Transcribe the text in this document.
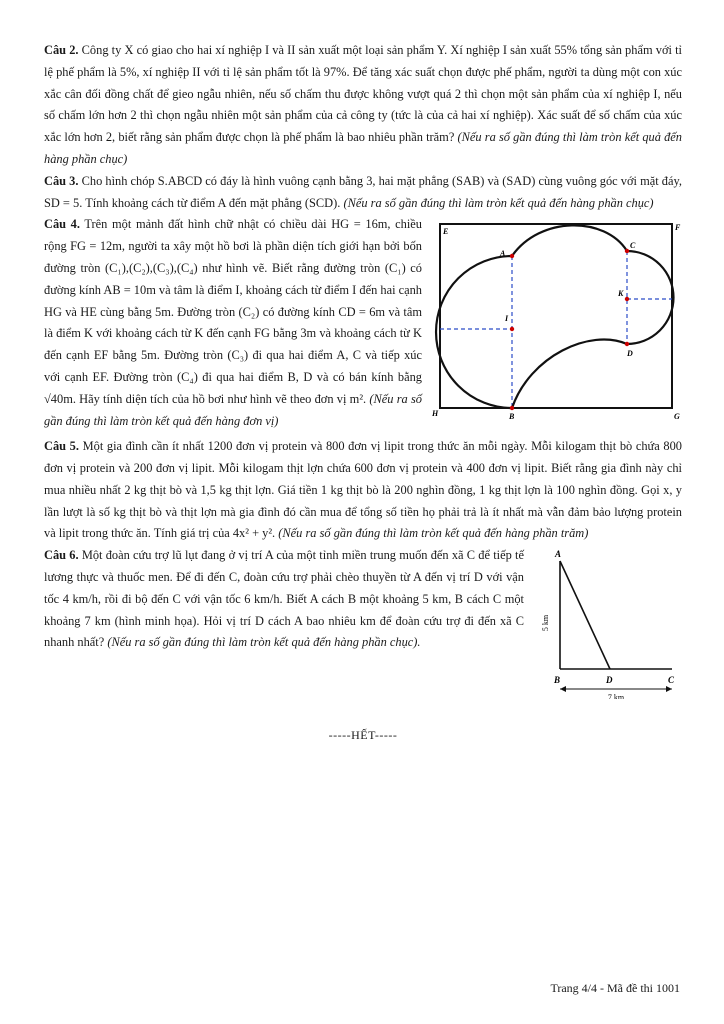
Câu 2. Công ty X có giao cho hai xí nghiệp I và II sản xuất một loại sản phẩm Y. Xí nghiệp I sản xuất 55% tổng sản phẩm với tỉ lệ phế phẩm là 5%, xí nghiệp II với tỉ lệ sản phẩm tốt là 97%. Để tăng xác suất chọn được phế phẩm, người ta dùng một con xúc xắc cân đối đồng chất để gieo ngẫu nhiên, nếu số chấm thu được không vượt quá 2 thì chọn một sản phẩm của xí nghiệp I, nếu số chấm lớn hơn 2 thì chọn ngẫu nhiên một sản phẩm của cả công ty (tức là của cả hai xí nghiệp). Xác suất để số chấm của xúc xắc lớn hơn 2, biết rằng sản phẩm được chọn là phế phẩm là bao nhiêu phần trăm? (Nếu ra số gần đúng thì làm tròn kết quả đến hàng phần chục)

Câu 3. Cho hình chóp S.ABCD có đáy là hình vuông cạnh bằng 3, hai mặt phẳng (SAB) và (SAD) cùng vuông góc với mặt đáy, SD = 5. Tính khoảng cách từ điểm A đến mặt phẳng (SCD). (Nếu ra số gần đúng thì làm tròn kết quả đến hàng phần chục)

E	F
A
C
K
I
D
H	B	G

Câu 4. Trên một mảnh đất hình chữ nhật có chiều dài HG = 16m, chiều rộng FG = 12m, người ta xây một hồ bơi là phần diện tích giới hạn bởi bốn đường tròn (C₁),(C₂),(C₃),(C₄) như hình vẽ. Biết rằng đường tròn (C₁) có đường kính AB = 10m và tâm là điểm I, khoảng cách từ điểm I đến hai cạnh HG và HE cùng bằng 5m. Đường tròn (C₂) có đường kính CD = 6m và tâm là điểm K với khoảng cách từ K đến cạnh FG bằng 3m và khoảng cách từ K đến cạnh EF bằng 5m. Đường tròn (C₃) đi qua hai điểm A, C và tiếp xúc với cạnh EF. Đường tròn (C₄) đi qua hai điểm B, D và có bán kính bằng √40m. Hãy tính diện tích của hồ bơi như hình vẽ theo đơn vị m². (Nếu ra số gần đúng thì làm tròn kết quả đến hàng đơn vị)

Câu 5. Một gia đình cần ít nhất 1200 đơn vị protein và 800 đơn vị lipit trong thức ăn mỗi ngày. Mỗi kilogam thịt bò chứa 800 đơn vị protein và 200 đơn vị lipit. Mỗi kilogam thịt lợn chứa 600 đơn vị protein và 400 đơn vị lipit. Biết rằng gia đình này chỉ mua nhiều nhất 2 kg thịt bò và 1,5 kg thịt lợn. Giá tiền 1 kg thịt bò là 200 nghìn đồng, 1 kg thịt lợn là 100 nghìn đồng. Gọi x, y lần lượt là số kg thịt bò và thịt lợn mà gia đình đó cần mua để tổng số tiền họ phải trả là ít nhất mà vẫn đảm bảo lượng protein và lipit trong thức ăn. Tính giá trị của 4x² + y². (Nếu ra số gần đúng thì làm tròn kết quả đến hàng phần trăm)

A
B	D	C
5 km
7 km

Câu 6. Một đoàn cứu trợ lũ lụt đang ở vị trí A của một tỉnh miền trung muốn đến xã C để tiếp tế lương thực và thuốc men. Để đi đến C, đoàn cứu trợ phải chèo thuyền từ A đến vị trí D với vận tốc 4 km/h, rồi đi bộ đến C với vận tốc 6 km/h. Biết A cách B một khoảng 5 km, B cách C một khoảng 7 km (hình minh họa). Hỏi vị trí D cách A bao nhiêu km để đoàn cứu trợ đi đến xã C nhanh nhất? (Nếu ra số gần đúng thì làm tròn kết quả đến hàng phần chục).

-----HẾT-----
Trang 4/4 - Mã đề thi 1001
